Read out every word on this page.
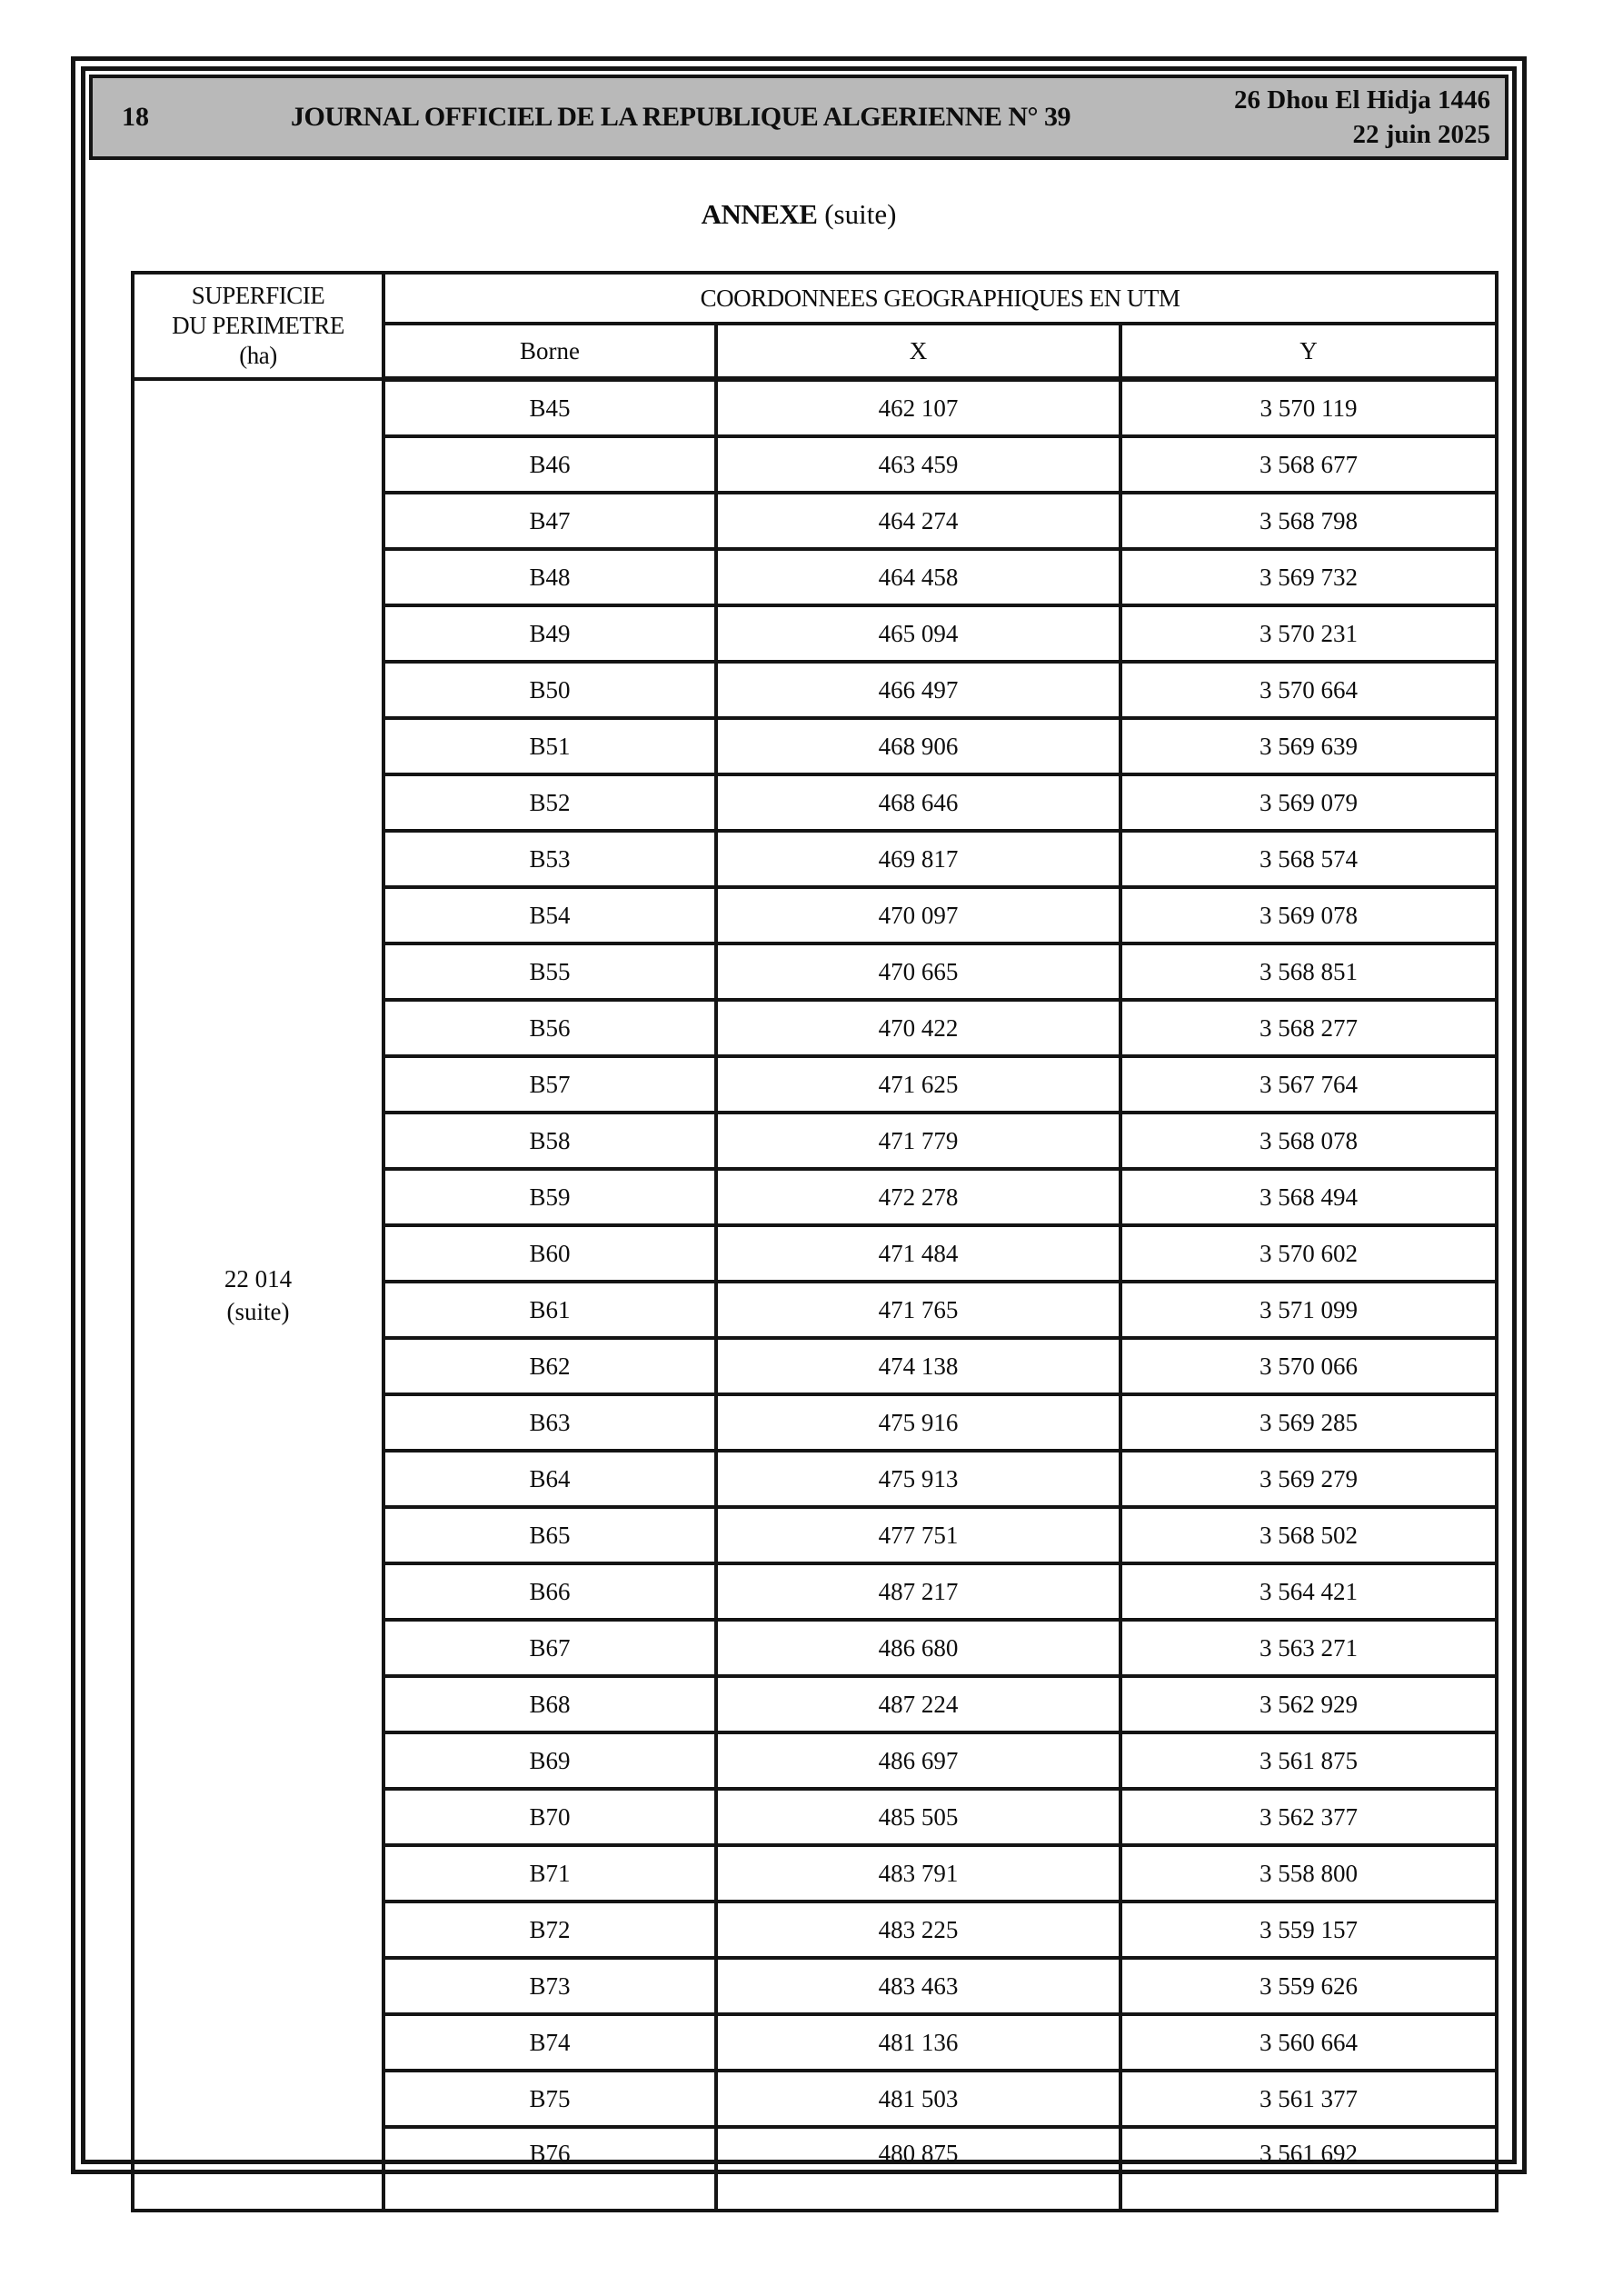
18	JOURNAL OFFICIEL DE LA REPUBLIQUE ALGERIENNE N° 39
26 Dhou El Hidja 1446
22 juin 2025
ANNEXE (suite)
SUPERFICIE
DU PERIMETRE
(ha)	COORDONNEES GEOGRAPHIQUES EN UTM		
	Borne	X	Y
22 014
(suite)	B45	462 107	3 570 119
	B46	463 459	3 568 677
	B47	464 274	3 568 798
	B48	464 458	3 569 732
	B49	465 094	3 570 231
	B50	466 497	3 570 664
	B51	468 906	3 569 639
	B52	468 646	3 569 079
	B53	469 817	3 568 574
	B54	470 097	3 569 078
	B55	470 665	3 568 851
	B56	470 422	3 568 277
	B57	471 625	3 567 764
	B58	471 779	3 568 078
	B59	472 278	3 568 494
	B60	471 484	3 570 602
	B61	471 765	3 571 099
	B62	474 138	3 570 066
	B63	475 916	3 569 285
	B64	475 913	3 569 279
	B65	477 751	3 568 502
	B66	487 217	3 564 421
	B67	486 680	3 563 271
	B68	487 224	3 562 929
	B69	486 697	3 561 875
	B70	485 505	3 562 377
	B71	483 791	3 558 800
	B72	483 225	3 559 157
	B73	483 463	3 559 626
	B74	481 136	3 560 664
	B75	481 503	3 561 377
	B76	480 875	3 561 692
